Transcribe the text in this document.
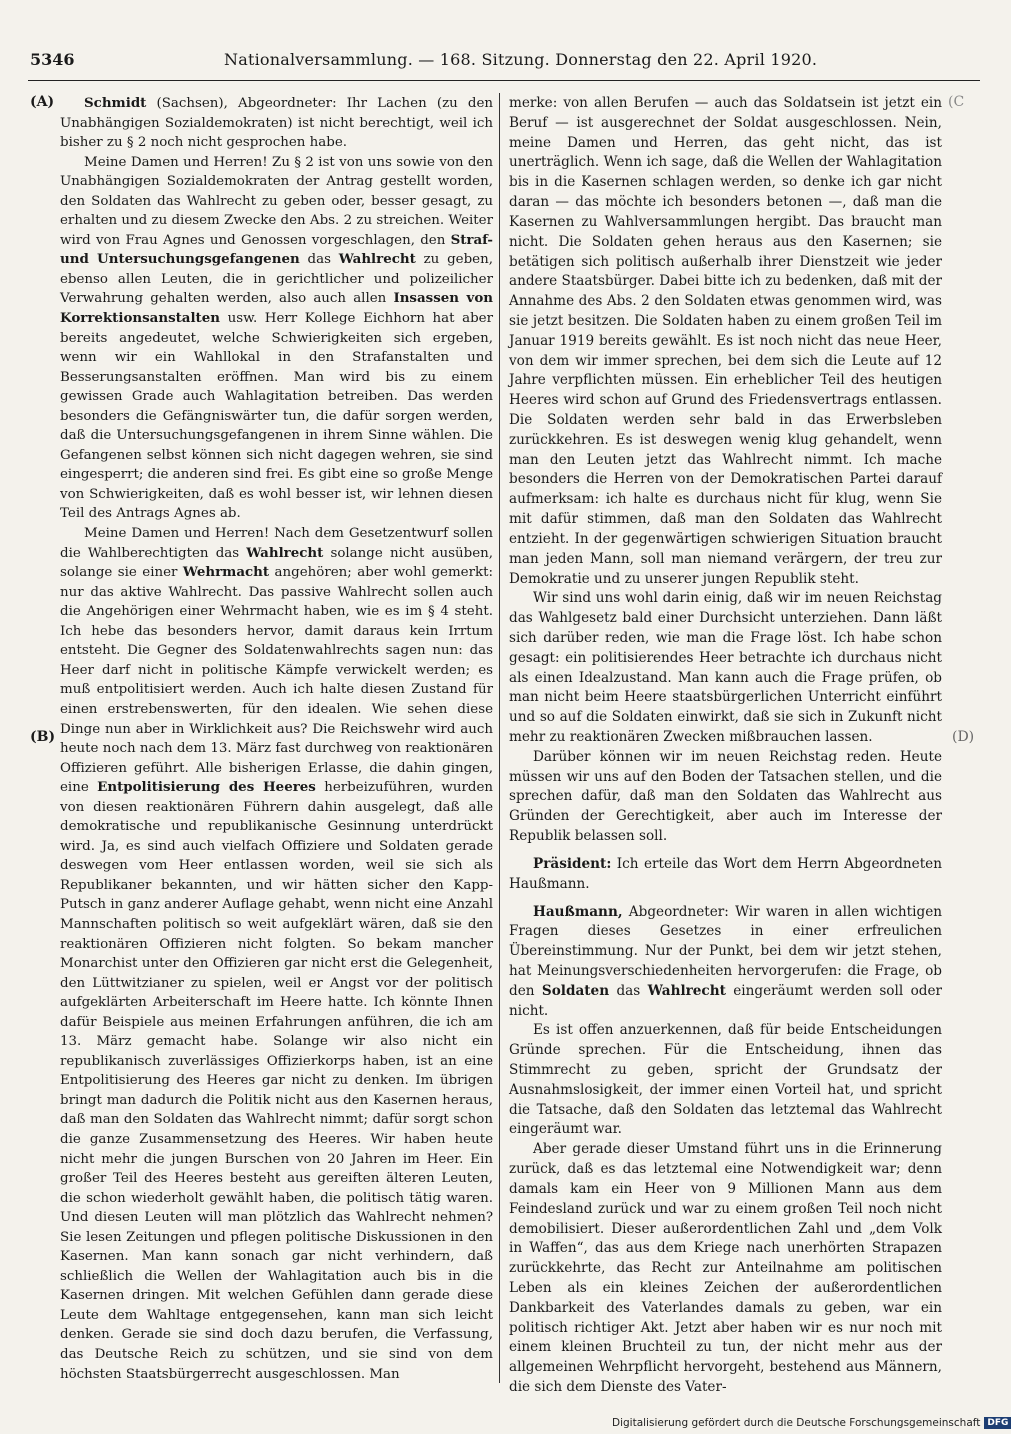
5346	Nationalversammlung. — 168. Sitzung. Donnerstag den 22. April 1920.
(A)
(B)
(C
(D)

Schmidt (Sachsen), Abgeordneter: Ihr Lachen (zu den Unabhängigen Sozialdemokraten) ist nicht berechtigt, weil ich bisher zu § 2 noch nicht gesprochen habe.

Meine Damen und Herren! Zu § 2 ist von uns sowie von den Unabhängigen Sozialdemokraten der Antrag gestellt worden, den Soldaten das Wahlrecht zu geben oder, besser gesagt, zu erhalten und zu diesem Zwecke den Abs. 2 zu streichen. Weiter wird von Frau Agnes und Genossen vorgeschlagen, den Straf- und Untersuchungsgefangenen das Wahlrecht zu geben, ebenso allen Leuten, die in gerichtlicher und polizeilicher Verwahrung gehalten werden, also auch allen Insassen von Korrektionsanstalten usw. Herr Kollege Eichhorn hat aber bereits angedeutet, welche Schwierigkeiten sich ergeben, wenn wir ein Wahllokal in den Strafanstalten und Besserungsanstalten eröffnen. Man wird bis zu einem gewissen Grade auch Wahlagitation betreiben. Das werden besonders die Gefängniswärter tun, die dafür sorgen werden, daß die Untersuchungsgefangenen in ihrem Sinne wählen. Die Gefangenen selbst können sich nicht dagegen wehren, sie sind eingesperrt; die anderen sind frei. Es gibt eine so große Menge von Schwierigkeiten, daß es wohl besser ist, wir lehnen diesen Teil des Antrags Agnes ab.

Meine Damen und Herren! Nach dem Gesetzentwurf sollen die Wahlberechtigten das Wahlrecht solange nicht ausüben, solange sie einer Wehrmacht angehören; aber wohl gemerkt: nur das aktive Wahlrecht. Das passive Wahlrecht sollen auch die Angehörigen einer Wehrmacht haben, wie es im § 4 steht. Ich hebe das besonders hervor, damit daraus kein Irrtum entsteht. Die Gegner des Soldatenwahlrechts sagen nun: das Heer darf nicht in politische Kämpfe verwickelt werden; es muß entpolitisiert werden. Auch ich halte diesen Zustand für einen erstrebenswerten, für den idealen. Wie sehen diese Dinge nun aber in Wirklichkeit aus? Die Reichswehr wird auch heute noch nach dem 13. März fast durchweg von reaktionären Offizieren geführt. Alle bisherigen Erlasse, die dahin gingen, eine Entpolitisierung des Heeres herbeizuführen, wurden von diesen reaktionären Führern dahin ausgelegt, daß alle demokratische und republikanische Gesinnung unterdrückt wird. Ja, es sind auch vielfach Offiziere und Soldaten gerade deswegen vom Heer entlassen worden, weil sie sich als Republikaner bekannten, und wir hätten sicher den Kapp-Putsch in ganz anderer Auflage gehabt, wenn nicht eine Anzahl Mannschaften politisch so weit aufgeklärt wären, daß sie den reaktionären Offizieren nicht folgten. So bekam mancher Monarchist unter den Offizieren gar nicht erst die Gelegenheit, den Lüttwitzianer zu spielen, weil er Angst vor der politisch aufgeklärten Arbeiterschaft im Heere hatte. Ich könnte Ihnen dafür Beispiele aus meinen Erfahrungen anführen, die ich am 13. März gemacht habe. Solange wir also nicht ein republikanisch zuverlässiges Offizierkorps haben, ist an eine Entpolitisierung des Heeres gar nicht zu denken. Im übrigen bringt man dadurch die Politik nicht aus den Kasernen heraus, daß man den Soldaten das Wahlrecht nimmt; dafür sorgt schon die ganze Zusammensetzung des Heeres. Wir haben heute nicht mehr die jungen Burschen von 20 Jahren im Heer. Ein großer Teil des Heeres besteht aus gereiften älteren Leuten, die schon wiederholt gewählt haben, die politisch tätig waren. Und diesen Leuten will man plötzlich das Wahlrecht nehmen? Sie lesen Zeitungen und pflegen politische Diskussionen in den Kasernen. Man kann sonach gar nicht verhindern, daß schließlich die Wellen der Wahlagitation auch bis in die Kasernen dringen. Mit welchen Gefühlen dann gerade diese Leute dem Wahltage entgegensehen, kann man sich leicht denken. Gerade sie sind doch dazu berufen, die Verfassung, das Deutsche Reich zu schützen, und sie sind von dem höchsten Staatsbürgerrecht ausgeschlossen. Man

merke: von allen Berufen — auch das Soldatsein ist jetzt ein Beruf — ist ausgerechnet der Soldat ausgeschlossen. Nein, meine Damen und Herren, das geht nicht, das ist unerträglich. Wenn ich sage, daß die Wellen der Wahlagitation bis in die Kasernen schlagen werden, so denke ich gar nicht daran — das möchte ich besonders betonen —, daß man die Kasernen zu Wahlversammlungen hergibt. Das braucht man nicht. Die Soldaten gehen heraus aus den Kasernen; sie betätigen sich politisch außerhalb ihrer Dienstzeit wie jeder andere Staatsbürger. Dabei bitte ich zu bedenken, daß mit der Annahme des Abs. 2 den Soldaten etwas genommen wird, was sie jetzt besitzen. Die Soldaten haben zu einem großen Teil im Januar 1919 bereits gewählt. Es ist noch nicht das neue Heer, von dem wir immer sprechen, bei dem sich die Leute auf 12 Jahre verpflichten müssen. Ein erheblicher Teil des heutigen Heeres wird schon auf Grund des Friedensvertrags entlassen. Die Soldaten werden sehr bald in das Erwerbsleben zurückkehren. Es ist deswegen wenig klug gehandelt, wenn man den Leuten jetzt das Wahlrecht nimmt. Ich mache besonders die Herren von der Demokratischen Partei darauf aufmerksam: ich halte es durchaus nicht für klug, wenn Sie mit dafür stimmen, daß man den Soldaten das Wahlrecht entzieht. In der gegenwärtigen schwierigen Situation braucht man jeden Mann, soll man niemand verärgern, der treu zur Demokratie und zu unserer jungen Republik steht.

Wir sind uns wohl darin einig, daß wir im neuen Reichstag das Wahlgesetz bald einer Durchsicht unterziehen. Dann läßt sich darüber reden, wie man die Frage löst. Ich habe schon gesagt: ein politisierendes Heer betrachte ich durchaus nicht als einen Idealzustand. Man kann auch die Frage prüfen, ob man nicht beim Heere staatsbürgerlichen Unterricht einführt und so auf die Soldaten einwirkt, daß sie sich in Zukunft nicht mehr zu reaktionären Zwecken mißbrauchen lassen.

Darüber können wir im neuen Reichstag reden. Heute müssen wir uns auf den Boden der Tatsachen stellen, und die sprechen dafür, daß man den Soldaten das Wahlrecht aus Gründen der Gerechtigkeit, aber auch im Interesse der Republik belassen soll.

Präsident: Ich erteile das Wort dem Herrn Abgeordneten Haußmann.

Haußmann, Abgeordneter: Wir waren in allen wichtigen Fragen dieses Gesetzes in einer erfreulichen Übereinstimmung. Nur der Punkt, bei dem wir jetzt stehen, hat Meinungsverschiedenheiten hervorgerufen: die Frage, ob den Soldaten das Wahlrecht eingeräumt werden soll oder nicht.

Es ist offen anzuerkennen, daß für beide Entscheidungen Gründe sprechen. Für die Entscheidung, ihnen das Stimmrecht zu geben, spricht der Grundsatz der Ausnahmslosigkeit, der immer einen Vorteil hat, und spricht die Tatsache, daß den Soldaten das letztemal das Wahlrecht eingeräumt war.

Aber gerade dieser Umstand führt uns in die Erinnerung zurück, daß es das letztemal eine Notwendigkeit war; denn damals kam ein Heer von 9 Millionen Mann aus dem Feindesland zurück und war zu einem großen Teil noch nicht demobilisiert. Dieser außerordentlichen Zahl und „dem Volk in Waffen“, das aus dem Kriege nach unerhörten Strapazen zurückkehrte, das Recht zur Anteilnahme am politischen Leben als ein kleines Zeichen der außerordentlichen Dankbarkeit des Vaterlandes damals zu geben, war ein politisch richtiger Akt. Jetzt aber haben wir es nur noch mit einem kleinen Bruchteil zu tun, der nicht mehr aus der allgemeinen Wehrpflicht hervorgeht, bestehend aus Männern, die sich dem Dienste des Vater-

Digitalisierung gefördert durch die Deutsche Forschungsgemeinschaft DFG
